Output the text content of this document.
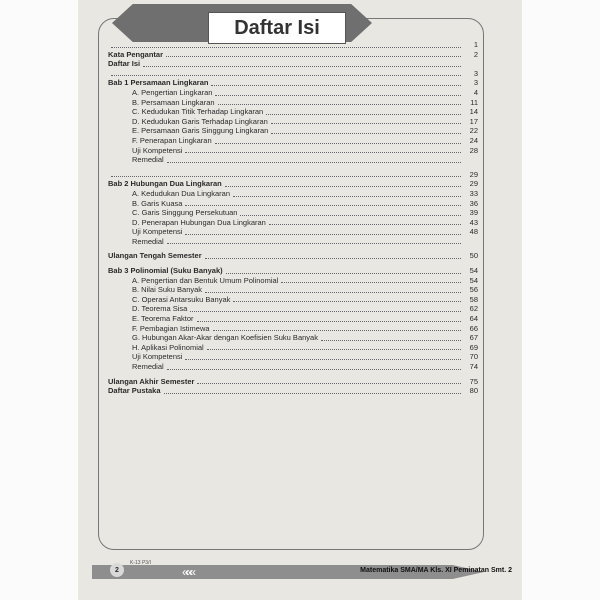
Daftar Isi
1
Kata Pengantar	2
Daftar Isi
3
Bab 1 Persamaan Lingkaran	3
A. Pengertian Lingkaran	4
B. Persamaan Lingkaran	11
C. Kedudukan Titik Terhadap Lingkaran	14
D. Kedudukan Garis Terhadap Lingkaran	17
E. Persamaan Garis Singgung Lingkaran	22
F. Penerapan Lingkaran	24
Uji Kompetensi	28
Remedial
29
Bab 2 Hubungan Dua Lingkaran	29
A. Kedudukan Dua Lingkaran	33
B. Garis Kuasa	36
C. Garis Singgung Persekutuan	39
D. Penerapan Hubungan Dua Lingkaran	43
Uji Kompetensi	48
Remedial
Ulangan Tengah Semester	50
Bab 3 Polinomial (Suku Banyak)	54
A. Pengertian dan Bentuk Umum Polinomial	54
B. Nilai Suku Banyak	56
C. Operasi Antarsuku Banyak	58
D. Teorema Sisa	62
E. Teorema Faktor	64
F. Pembagian Istimewa	66
G. Hubungan Akar-Akar dengan Koefisien Suku Banyak	67
H. Aplikasi Polinomial	69
Uji Kompetensi	70
Remedial	74
Ulangan Akhir Semester	75
Daftar Pustaka	80
2
K-13 P3/I
«««	Matematika SMA/MA Kls. XI Peminatan Smt. 2
